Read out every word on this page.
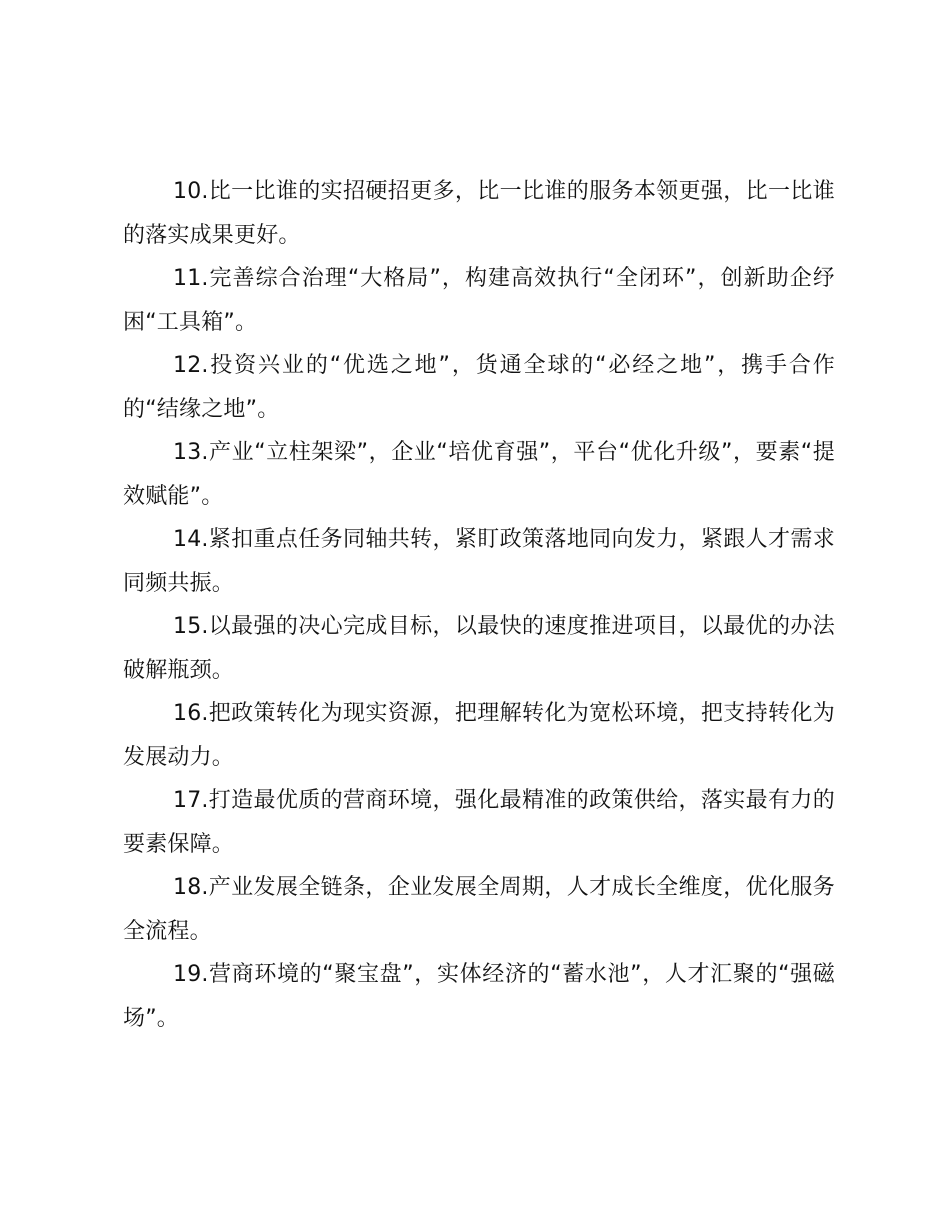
10.比一比谁的实招硬招更多，比一比谁的服务本领更强，比一比谁的落实成果更好。

11.完善综合治理“大格局”，构建高效执行“全闭环”，创新助企纾困“工具箱”。

12.投资兴业的“优选之地”，货通全球的“必经之地”，携手合作的“结缘之地”。

13.产业“立柱架梁”，企业“培优育强”，平台“优化升级”，要素“提效赋能”。

14.紧扣重点任务同轴共转，紧盯政策落地同向发力，紧跟人才需求同频共振。

15.以最强的决心完成目标，以最快的速度推进项目，以最优的办法破解瓶颈。

16.把政策转化为现实资源，把理解转化为宽松环境，把支持转化为发展动力。

17.打造最优质的营商环境，强化最精准的政策供给，落实最有力的要素保障。

18.产业发展全链条，企业发展全周期，人才成长全维度，优化服务全流程。

19.营商环境的“聚宝盘”，实体经济的“蓄水池”，人才汇聚的“强磁场”。
